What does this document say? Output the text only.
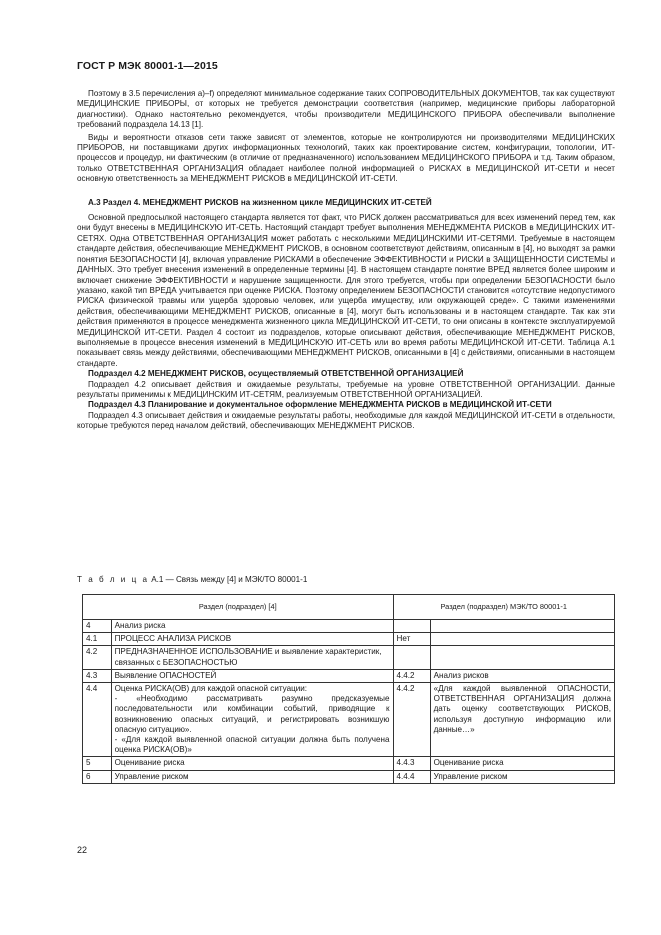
ГОСТ Р МЭК 80001-1—2015

Поэтому в 3.5 перечисления а)–f) определяют минимальное содержание таких СОПРОВОДИТЕЛЬНЫХ ДОКУМЕНТОВ, так как существуют МЕДИЦИНСКИЕ ПРИБОРЫ, от которых не требуется демонстрации соответствия (например, медицинские приборы лабораторной диагностики). Однако настоятельно рекомендуется, чтобы производители МЕДИЦИНСКОГО ПРИБОРА обеспечивали выполнение требований подраздела 14.13 [1].

Виды и вероятности отказов сети также зависят от элементов, которые не контролируются ни производителями МЕДИЦИНСКИХ ПРИБОРОВ, ни поставщиками других информационных технологий, таких как проектирование систем, конфигурации, топологии, ИТ-процессов и процедур, ни фактическим (в отличие от предназначенного) использованием МЕДИЦИНСКОГО ПРИБОРА и т.д. Таким образом, только ОТВЕТСТВЕННАЯ ОРГАНИЗАЦИЯ обладает наиболее полной информацией о РИСКАХ в МЕДИЦИНСКОЙ ИТ-СЕТИ и несет основную ответственность за МЕНЕДЖМЕНТ РИСКОВ в МЕДИЦИНСКОЙ ИТ-СЕТИ.

А.3 Раздел 4. МЕНЕДЖМЕНТ РИСКОВ на жизненном цикле МЕДИЦИНСКИХ ИТ-СЕТЕЙ

Основной предпосылкой настоящего стандарта является тот факт, что РИСК должен рассматриваться для всех изменений перед тем, как они будут внесены в МЕДИЦИНСКУЮ ИТ-СЕТЬ. Настоящий стандарт требует выполнения МЕНЕДЖМЕНТА РИСКОВ в МЕДИЦИНСКИХ ИТ-СЕТЯХ. Одна ОТВЕТСТВЕННАЯ ОРГАНИЗАЦИЯ может работать с несколькими МЕДИЦИНСКИМИ ИТ-СЕТЯМИ. Требуемые в настоящем стандарте действия, обеспечивающие МЕНЕДЖМЕНТ РИСКОВ, в основном соответствуют действиям, описанным в [4], но выходят за рамки понятия БЕЗОПАСНОСТИ [4], включая управление РИСКАМИ в обеспечение ЭФФЕКТИВНОСТИ и РИСКИ в ЗАЩИЩЕННОСТИ СИСТЕМЫ и ДАННЫХ. Это требует внесения изменений в определенные термины [4]. В настоящем стандарте понятие ВРЕД является более широким и включает снижение ЭФФЕКТИВНОСТИ и нарушение защищенности. Для этого требуется, чтобы при определении БЕЗОПАСНОСТИ было указано, какой тип ВРЕДА учитывается при оценке РИСКА. Поэтому определением БЕЗОПАСНОСТИ становится «отсутствие недопустимого РИСКА физической травмы или ущерба здоровью человек, или ущерба имуществу, или окружающей среде». С такими изменениями действия, обеспечивающими МЕНЕДЖМЕНТ РИСКОВ, описанные в [4], могут быть использованы и в настоящем стандарте. Так как эти действия применяются в процессе менеджмента жизненного цикла МЕДИЦИНСКОЙ ИТ-СЕТИ, то они описаны в контексте эксплуатируемой МЕДИЦИНСКОЙ ИТ-СЕТИ. Раздел 4 состоит из подразделов, которые описывают действия, обеспечивающие МЕНЕДЖМЕНТ РИСКОВ, выполняемые в процессе внесения изменений в МЕДИЦИНСКУЮ ИТ-СЕТЬ или во время работы МЕДИЦИНСКОЙ ИТ-СЕТИ. Таблица А.1 показывает связь между действиями, обеспечивающими МЕНЕДЖМЕНТ РИСКОВ, описанными в [4] с действиями, описанными в настоящем стандарте.

Подраздел 4.2 МЕНЕДЖМЕНТ РИСКОВ, осуществляемый ОТВЕТСТВЕННОЙ ОРГАНИЗАЦИЕЙ

Подраздел 4.2 описывает действия и ожидаемые результаты, требуемые на уровне ОТВЕТСТВЕННОЙ ОРГАНИЗАЦИИ. Данные результаты применимы к МЕДИЦИНСКИМ ИТ-СЕТЯМ, реализуемым ОТВЕТСТВЕННОЙ ОРГАНИЗАЦИЕЙ.

Подраздел 4.3 Планирование и документальное оформление МЕНЕДЖМЕНТА РИСКОВ в МЕДИЦИНСКОЙ ИТ-СЕТИ

Подраздел 4.3 описывает действия и ожидаемые результаты работы, необходимые для каждой МЕДИЦИНСКОЙ ИТ-СЕТИ в отдельности, которые требуются перед началом действий, обеспечивающих МЕНЕДЖМЕНТ РИСКОВ.

Т а б л и ц а А.1 — Связь между [4] и МЭК/ТО 80001-1
Раздел (подраздел) [4]		Раздел (подраздел) МЭК/ТО 80001-1	
4	Анализ риска		
4.1	ПРОЦЕСС АНАЛИЗА РИСКОВ	Нет	
4.2	ПРЕДНАЗНАЧЕННОЕ ИСПОЛЬЗОВАНИЕ и выявление характеристик, связанных с БЕЗОПАСНОСТЬЮ		
4.3	Выявление ОПАСНОСТЕЙ	4.4.2	Анализ рисков
4.4	Оценка РИСКА(ОВ) для каждой опасной ситуации:
- «Необходимо рассматривать разумно предсказуемые последовательности или комбинации событий, приводящие к возникновению опасных ситуаций, и регистрировать возникшую опасную ситуацию».
- «Для каждой выявленной опасной ситуации должна быть получена оценка РИСКА(ОВ)»	4.4.2	«Для каждой выявленной ОПАСНОСТИ, ОТВЕТСТВЕННАЯ ОРГАНИЗАЦИЯ должна дать оценку соответствующих РИСКОВ, используя доступную информацию или данные…»
5	Оценивание риска	4.4.3	Оценивание риска
6	Управление риском	4.4.4	Управление риском
22
